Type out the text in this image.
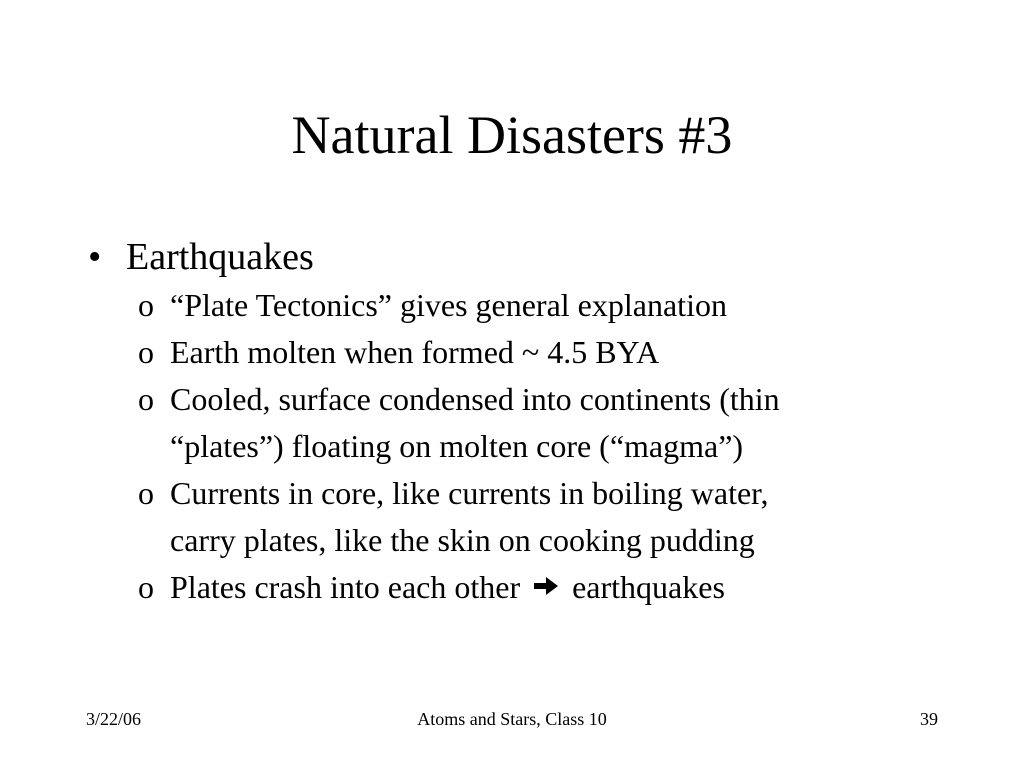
Natural Disasters #3
• Earthquakes
o “Plate Tectonics” gives general explanation
o Earth molten when formed ~ 4.5 BYA
o Cooled, surface condensed into continents (thin
“plates”) floating on molten core (“magma”)
o Currents in core, like currents in boiling water,
carry plates, like the skin on cooking pudding
o Plates crash into each other earthquakes
3/22/06	Atoms and Stars, Class 10	39
